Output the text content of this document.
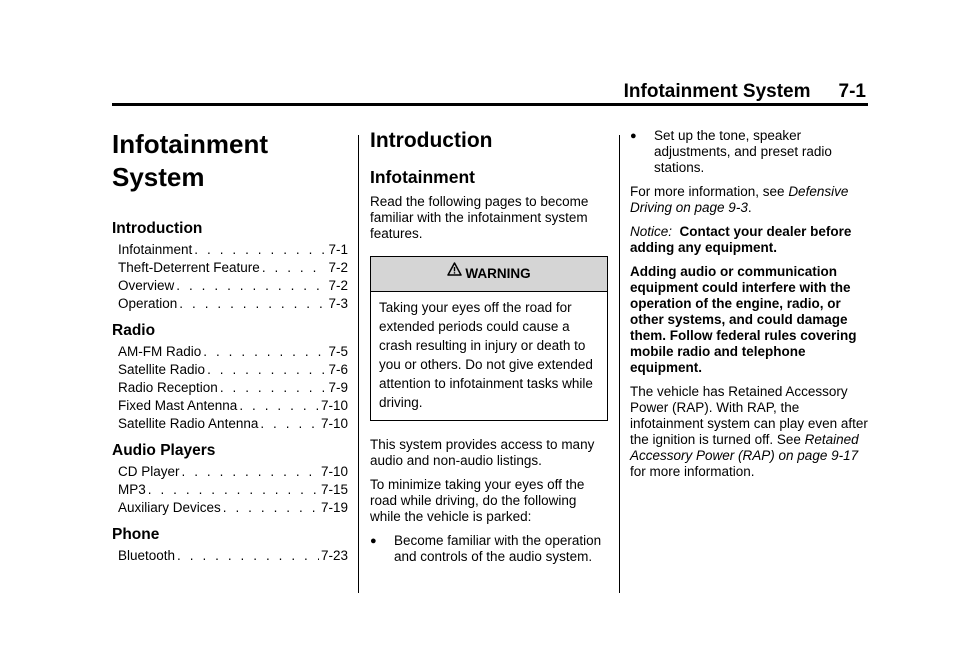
Infotainment System 7-1
Infotainment
System
Introduction
Infotainment . . .	7-1
Theft-Deterrent Feature . . .	7-2
Overview . . .	7-2
Operation . . .	7-3
Radio
AM-FM Radio . . .	7-5
Satellite Radio . . .	7-6
Radio Reception . . .	7-9
Fixed Mast Antenna . . .	7-10
Satellite Radio Antenna . . .	7-10
Audio Players
CD Player . . .	7-10
MP3 . . .	7-15
Auxiliary Devices . . .	7-19
Phone
Bluetooth . . .	7-23
Introduction
Infotainment

Read the following pages to become familiar with the infotainment system features.

WARNING
Taking your eyes off the road for extended periods could cause a crash resulting in injury or death to you or others. Do not give extended attention to infotainment tasks while driving.

This system provides access to many audio and non-audio listings.

To minimize taking your eyes off the road while driving, do the following while the vehicle is parked:

●	Become familiar with the operation and controls of the audio system.
●	Set up the tone, speaker adjustments, and preset radio stations.

For more information, see Defensive Driving on page 9-3.

Notice: Contact your dealer before adding any equipment.

Adding audio or communication equipment could interfere with the operation of the engine, radio, or other systems, and could damage them. Follow federal rules covering mobile radio and telephone equipment.

The vehicle has Retained Accessory Power (RAP). With RAP, the infotainment system can play even after the ignition is turned off. See Retained Accessory Power (RAP) on page 9-17 for more information.
